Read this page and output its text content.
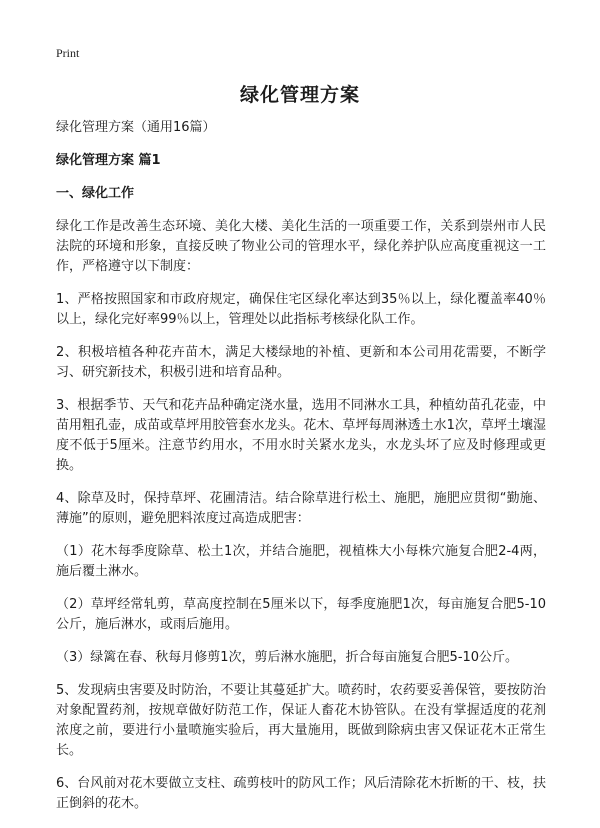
Print
绿化管理方案
绿化管理方案（通用16篇）
绿化管理方案 篇1
一、绿化工作

绿化工作是改善生态环境、美化大楼、美化生活的一项重要工作，关系到崇州市人民法院的环境和形象，直接反映了物业公司的管理水平，绿化养护队应高度重视这一工作，严格遵守以下制度：

1、严格按照国家和市政府规定，确保住宅区绿化率达到35％以上，绿化覆盖率40％以上，绿化完好率99％以上，管理处以此指标考核绿化队工作。

2、积极培植各种花卉苗木，满足大楼绿地的补植、更新和本公司用花需要，不断学习、研究新技术，积极引进和培育品种。

3、根据季节、天气和花卉品种确定浇水量，选用不同淋水工具，种植幼苗孔花壶，中苗用粗孔壶，成苗或草坪用胶管套水龙头。花木、草坪每周淋透土水1次，草坪土壤湿度不低于5厘米。注意节约用水，不用水时关紧水龙头，水龙头坏了应及时修理或更换。

4、除草及时，保持草坪、花圃清洁。结合除草进行松土、施肥，施肥应贯彻“勤施、薄施”的原则，避免肥料浓度过高造成肥害：

（1）花木每季度除草、松土1次，并结合施肥，视植株大小每株穴施复合肥2-4两，施后覆土淋水。

（2）草坪经常轧剪，草高度控制在5厘米以下，每季度施肥1次，每亩施复合肥5-10公斤，施后淋水，或雨后施用。

（3）绿篱在春、秋每月修剪1次，剪后淋水施肥，折合每亩施复合肥5-10公斤。

5、发现病虫害要及时防治，不要让其蔓延扩大。喷药时，农药要妥善保管，要按防治对象配置药剂，按规章做好防范工作，保证人畜花木协管队。在没有掌握适度的花剂浓度之前，要进行小量喷施实验后，再大量施用，既做到除病虫害又保证花木正常生长。

6、台风前对花木要做立支柱、疏剪枝叶的防风工作；风后清除花木折断的干、枝，扶正倒斜的花木。
